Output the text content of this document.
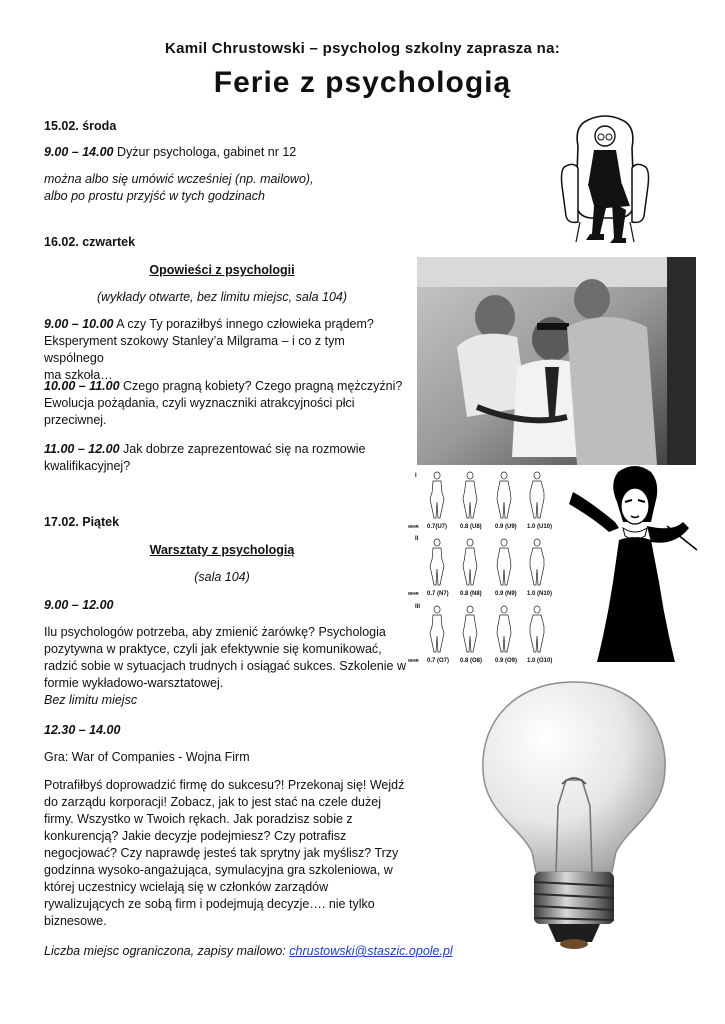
Kamil Chrustowski – psycholog szkolny zaprasza na:
Ferie z psychologią
15.02. środa
9.00 – 14.00 Dyżur psychologa, gabinet nr 12
można albo się umówić wcześniej (np. mailowo),
albo po prostu przyjść w tych godzinach
16.02. czwartek
Opowieści z psychologii
(wykłady otwarte, bez limitu miejsc, sala 104)
9.00 – 10.00 A czy Ty poraziłbyś innego człowieka prądem?
Eksperyment szokowy Stanley’a Milgrama – i co z tym wspólnego
ma szkoła…
10.00 – 11.00 Czego pragną kobiety? Czego pragną mężczyźni?
Ewolucja pożądania, czyli wyznaczniki atrakcyjności płci
przeciwnej.
11.00 – 12.00 Jak dobrze zaprezentować się na rozmowie
kwalifikacyjnej?
I
II
III
WHR
WHR
WHR
0.7(U7) 0.8 (U8) 0.9 (U9) 1.0 (U10)
0.7 (N7) 0.8 (N8) 0.9 (N9) 1.0 (N10)
0.7 (O7) 0.8 (O8) 0.9 (O9) 1.0 (O10)
17.02. Piątek
Warsztaty z psychologią
(sala 104)
9.00 – 12.00
Ilu psychologów potrzeba, aby zmienić żarówkę? Psychologia
pozytywna w praktyce, czyli jak efektywnie się komunikować,
radzić sobie w sytuacjach trudnych i osiągać sukces. Szkolenie w
formie wykładowo-warsztatowej.
Bez limitu miejsc
12.30 – 14.00
Gra: War of Companies - Wojna Firm
Potrafiłbyś doprowadzić firmę do sukcesu?! Przekonaj się! Wejdź
do zarządu korporacji! Zobacz, jak to jest stać na czele dużej
firmy. Wszystko w Twoich rękach. Jak poradzisz sobie z
konkurencją? Jakie decyzje podejmiesz? Czy potrafisz
negocjować? Czy naprawdę jesteś tak sprytny jak myślisz? Trzy
godzinna wysoko-angażująca, symulacyjna gra szkoleniowa, w
której uczestnicy wcielają się w członków zarządów
rywalizujących ze sobą firm i podejmują decyzje…. nie tylko
biznesowe.
Liczba miejsc ograniczona, zapisy mailowo: chrustowski@staszic.opole.pl
